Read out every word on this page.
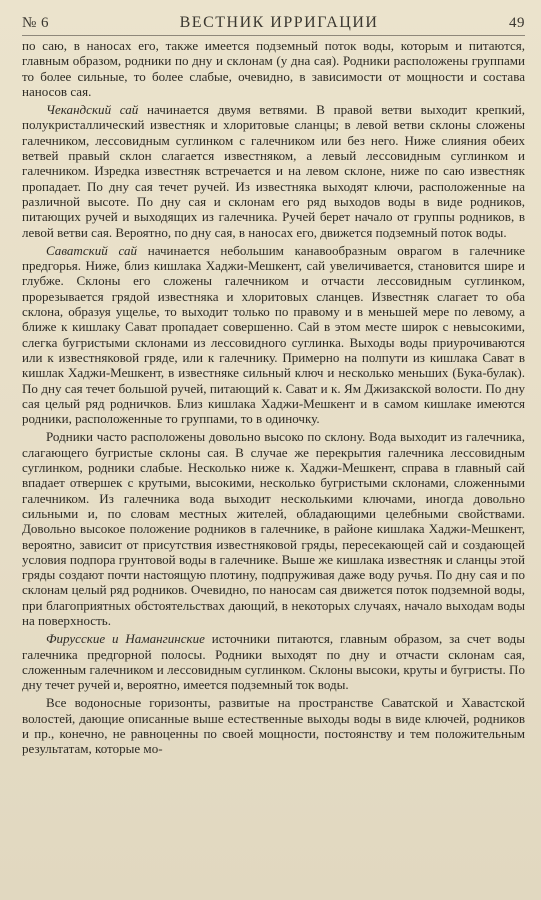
№ 6	ВЕСТНИК ИРРИГАЦИИ	49

по саю, в наносах его, также имеется подземный поток воды, которым и питаются, главным образом, родники по дну и склонам (у дна сая). Родники расположены группами то более сильные, то более слабые, очевидно, в зависимости от мощности и состава наносов сая.

Чекандский сай начинается двумя ветвями. В правой ветви выходит крепкий, полукристаллический известняк и хлоритовые сланцы; в левой ветви склоны сложены галечником, лессовидным суглинком с галечником или без него. Ниже слияния обеих ветвей правый склон слагается известняком, а левый лессовидным суглинком и галечником. Изредка известняк встречается и на левом склоне, ниже по саю известняк пропадает. По дну сая течет ручей. Из известняка выходят ключи, расположенные на различной высоте. По дну сая и склонам его ряд выходов воды в виде родников, питающих ручей и выходящих из галечника. Ручей берет начало от группы родников, в левой ветви сая. Вероятно, по дну сая, в наносах его, движется подземный поток воды.

Саватский сай начинается небольшим канавообразным оврагом в галечнике предгорья. Ниже, близ кишлака Хаджи-Мешкент, сай увеличивается, становится шире и глубже. Склоны его сложены галечником и отчасти лессовидным суглинком, прорезывается грядой известняка и хлоритовых сланцев. Известняк слагает то оба склона, образуя ущелье, то выходит только по правому и в меньшей мере по левому, а ближе к кишлаку Сават пропадает совершенно. Сай в этом месте широк с невысокими, слегка бугристыми склонами из лессовидного суглинка. Выходы воды приурочиваются или к известняковой гряде, или к галечнику. Примерно на полпути из кишлака Сават в кишлак Хаджи-Мешкент, в известняке сильный ключ и несколько меньших (Бука-булак). По дну сая течет большой ручей, питающий к. Сават и к. Ям Джизакской волости. По дну сая целый ряд родничков. Близ кишлака Хаджи-Мешкент и в самом кишлаке имеются родники, расположенные то группами, то в одиночку.

Родники часто расположены довольно высоко по склону. Вода выходит из галечника, слагающего бугристые склоны сая. В случае же перекрытия галечника лессовидным суглинком, родники слабые. Несколько ниже к. Хаджи-Мешкент, справа в главный сай впадает отвершек с крутыми, высокими, несколько бугристыми склонами, сложенными галечником. Из галечника вода выходит несколькими ключами, иногда довольно сильными и, по словам местных жителей, обладающими целебными свойствами. Довольно высокое положение родников в галечнике, в районе кишлака Хаджи-Мешкент, вероятно, зависит от присутствия известняковой гряды, пересекающей сай и создающей условия подпора грунтовой воды в галечнике. Выше же кишлака известняк и сланцы этой гряды создают почти настоящую плотину, подпруживая даже воду ручья. По дну сая и по склонам целый ряд родников. Очевидно, по наносам сая движется поток подземной воды, при благоприятных обстоятельствах дающий, в некоторых случаях, начало выходам воды на поверхность.

Фирусские и Намангинские источники питаются, главным образом, за счет воды галечника предгорной полосы. Родники выходят по дну и отчасти склонам сая, сложенным галечником и лессовидным суглинком. Склоны высоки, круты и бугристы. По дну течет ручей и, вероятно, имеется подземный ток воды.

Все водоносные горизонты, развитые на пространстве Саватской и Хавастской волостей, дающие описанные выше естественные выходы воды в виде ключей, родников и пр., конечно, не равноценны по своей мощности, постоянству и тем положительным результатам, которые мо-
